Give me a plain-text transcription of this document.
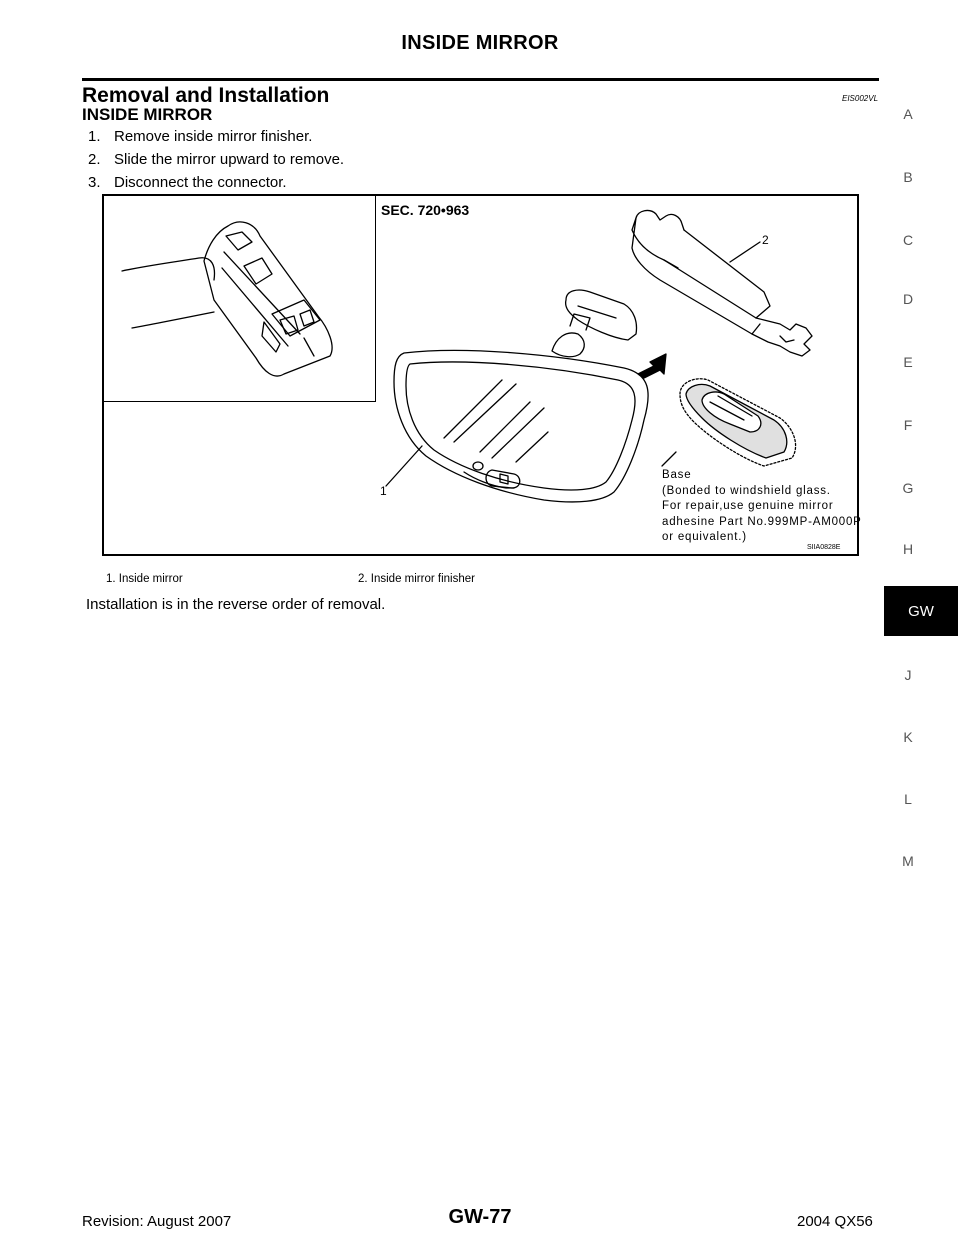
INSIDE MIRROR
Removal and Installation	EIS002VL
INSIDE MIRROR
1. Remove inside mirror finisher.
2. Slide the mirror upward to remove.
3. Disconnect the connector.
SEC. 720•963
2
1
Base
(Bonded to windshield glass.
For repair,use genuine mirror
adhesine Part No.999MP-AM000P
or equivalent.)
SIIA0828E
1. Inside mirror	2. Inside mirror finisher
Installation is in the reverse order of removal.
A
B
C
D
E
F
G
H
GW
J
K
L
M
Revision: August 2007	GW-77	2004 QX56
